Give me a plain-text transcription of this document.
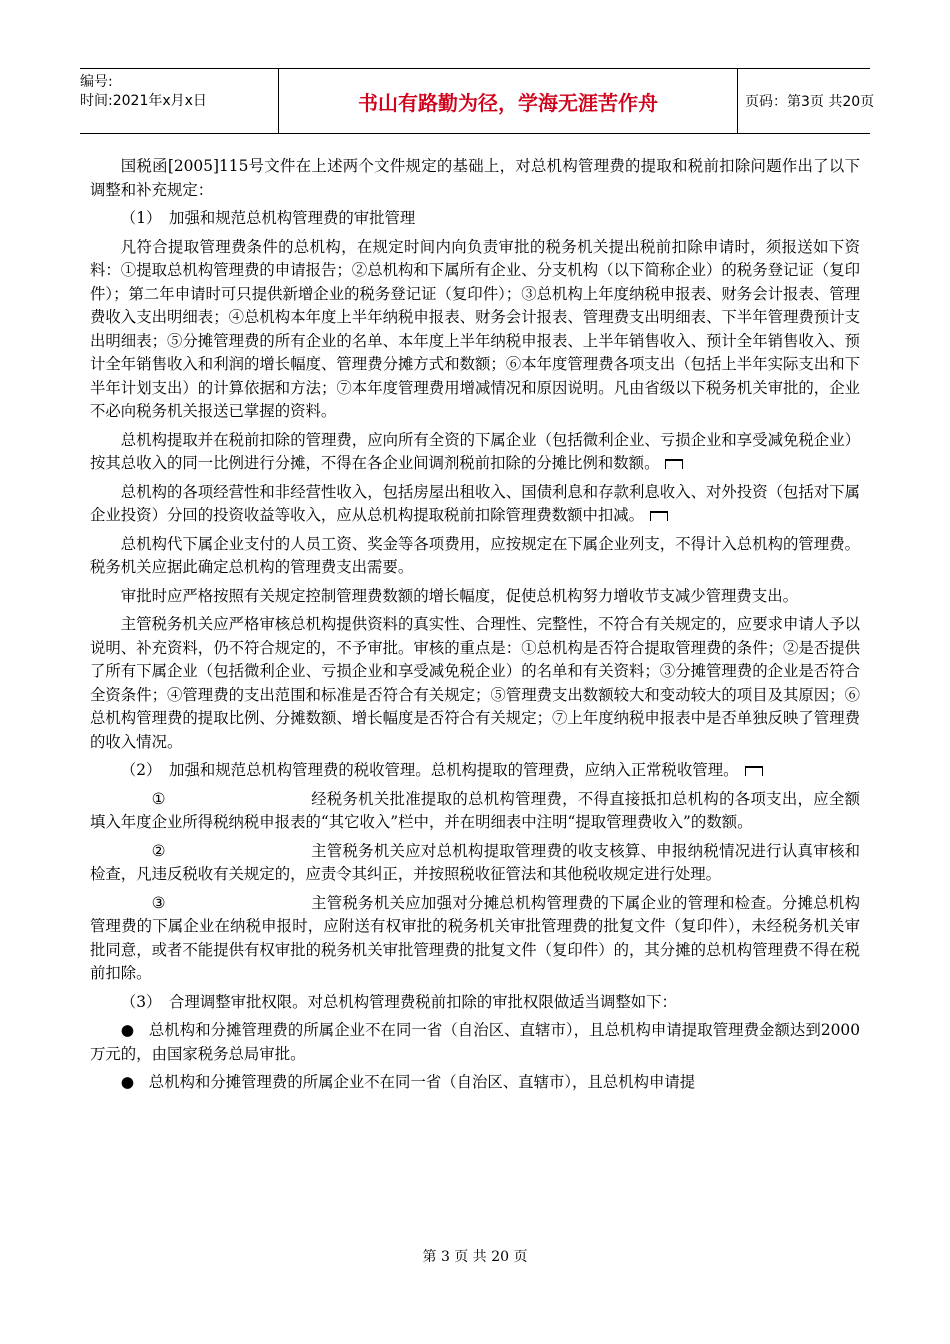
编号:
时间:2021年x月x日	书山有路勤为径，学海无涯苦作舟	页码：第3页 共20页

国税函[2005]115号文件在上述两个文件规定的基础上，对总机构管理费的提取和税前扣除问题作出了以下调整和补充规定：

（1）　加强和规范总机构管理费的审批管理

凡符合提取管理费条件的总机构，在规定时间内向负责审批的税务机关提出税前扣除申请时，须报送如下资料：①提取总机构管理费的申请报告；②总机构和下属所有企业、分支机构（以下简称企业）的税务登记证（复印件）；第二年申请时可只提供新增企业的税务登记证（复印件）；③总机构上年度纳税申报表、财务会计报表、管理费收入支出明细表；④总机构本年度上半年纳税申报表、财务会计报表、管理费支出明细表、下半年管理费预计支出明细表；⑤分摊管理费的所有企业的名单、本年度上半年纳税申报表、上半年销售收入、预计全年销售收入、预计全年销售收入和利润的增长幅度、管理费分摊方式和数额；⑥本年度管理费各项支出（包括上半年实际支出和下半年计划支出）的计算依据和方法；⑦本年度管理费用增减情况和原因说明。凡由省级以下税务机关审批的，企业不必向税务机关报送已掌握的资料。

总机构提取并在税前扣除的管理费，应向所有全资的下属企业（包括微利企业、亏损企业和享受减免税企业）按其总收入的同一比例进行分摊，不得在各企业间调剂税前扣除的分摊比例和数额。

总机构的各项经营性和非经营性收入，包括房屋出租收入、国债利息和存款利息收入、对外投资（包括对下属企业投资）分回的投资收益等收入，应从总机构提取税前扣除管理费数额中扣减。

总机构代下属企业支付的人员工资、奖金等各项费用，应按规定在下属企业列支，不得计入总机构的管理费。税务机关应据此确定总机构的管理费支出需要。

审批时应严格按照有关规定控制管理费数额的增长幅度，促使总机构努力增收节支减少管理费支出。

主管税务机关应严格审核总机构提供资料的真实性、合理性、完整性，不符合有关规定的，应要求申请人予以说明、补充资料，仍不符合规定的，不予审批。审核的重点是：①总机构是否符合提取管理费的条件；②是否提供了所有下属企业（包括微利企业、亏损企业和享受减免税企业）的名单和有关资料；③分摊管理费的企业是否符合全资条件；④管理费的支出范围和标准是否符合有关规定；⑤管理费支出数额较大和变动较大的项目及其原因；⑥总机构管理费的提取比例、分摊数额、增长幅度是否符合有关规定；⑦上年度纳税申报表中是否单独反映了管理费的收入情况。

（2）　加强和规范总机构管理费的税收管理。总机构提取的管理费，应纳入正常税收管理。

①	经税务机关批准提取的总机构管理费，不得直接抵扣总机构的各项支出，应全额填入年度企业所得税纳税申报表的“其它收入”栏中，并在明细表中注明“提取管理费收入”的数额。

②	主管税务机关应对总机构提取管理费的收支核算、申报纳税情况进行认真审核和检查，凡违反税收有关规定的，应责令其纠正，并按照税收征管法和其他税收规定进行处理。

③	主管税务机关应加强对分摊总机构管理费的下属企业的管理和检查。分摊总机构管理费的下属企业在纳税申报时，应附送有权审批的税务机关审批管理费的批复文件（复印件），未经税务机关审批同意，或者不能提供有权审批的税务机关审批管理费的批复文件（复印件）的，其分摊的总机构管理费不得在税前扣除。

（3）　合理调整审批权限。对总机构管理费税前扣除的审批权限做适当调整如下：

● 总机构和分摊管理费的所属企业不在同一省（自治区、直辖市），且总机构申请提取管理费金额达到2000万元的，由国家税务总局审批。

● 总机构和分摊管理费的所属企业不在同一省（自治区、直辖市），且总机构申请提

第 3 页 共 20 页
